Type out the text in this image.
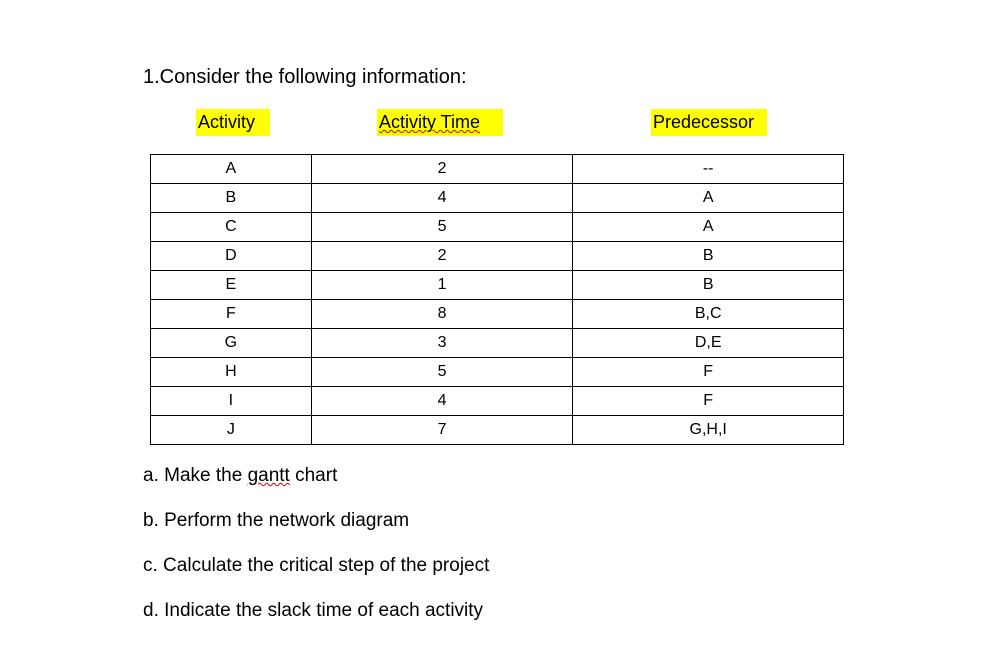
1.Consider the following information:
Activity	Activity Time	Predecessor
A	2	--
B	4	A
C	5	A
D	2	B
E	1	B
F	8	B,C
G	3	D,E
H	5	F
I	4	F
J	7	G,H,I
a. Make the gantt chart
b. Perform the network diagram
c. Calculate the critical step of the project
d. Indicate the slack time of each activity
